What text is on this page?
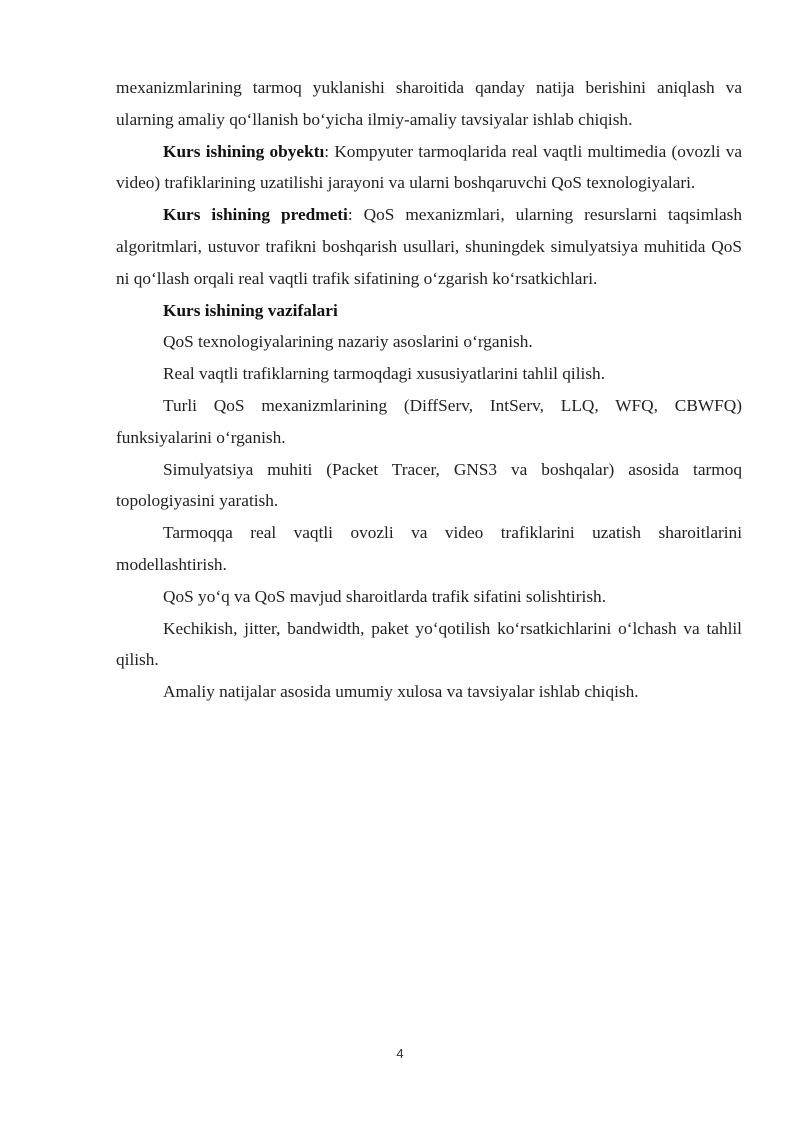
mexanizmlarining tarmoq yuklanishi sharoitida qanday natija berishini aniqlash va ularning amaliy qo‘llanish bo‘yicha ilmiy-amaliy tavsiyalar ishlab chiqish.

Kurs ishining obyektı: Kompyuter tarmoqlarida real vaqtli multimedia (ovozli va video) trafiklarining uzatilishi jarayoni va ularni boshqaruvchi QoS texnologiyalari.

Kurs ishining predmeti: QoS mexanizmlari, ularning resurslarni taqsimlash algoritmlari, ustuvor trafikni boshqarish usullari, shuningdek simulyatsiya muhitida QoS ni qo‘llash orqali real vaqtli trafik sifatining o‘zgarish ko‘rsatkichlari.

Kurs ishining vazifalari

QoS texnologiyalarining nazariy asoslarini o‘rganish.

Real vaqtli trafiklarning tarmoqdagi xususiyatlarini tahlil qilish.

Turli QoS mexanizmlarining (DiffServ, IntServ, LLQ, WFQ, CBWFQ) funksiyalarini o‘rganish.

Simulyatsiya muhiti (Packet Tracer, GNS3 va boshqalar) asosida tarmoq topologiyasini yaratish.

Tarmoqqa real vaqtli ovozli va video trafiklarini uzatish sharoitlarini modellashtirish.

QoS yo‘q va QoS mavjud sharoitlarda trafik sifatini solishtirish.

Kechikish, jitter, bandwidth, paket yo‘qotilish ko‘rsatkichlarini o‘lchash va tahlil qilish.

Amaliy natijalar asosida umumiy xulosa va tavsiyalar ishlab chiqish.

4
